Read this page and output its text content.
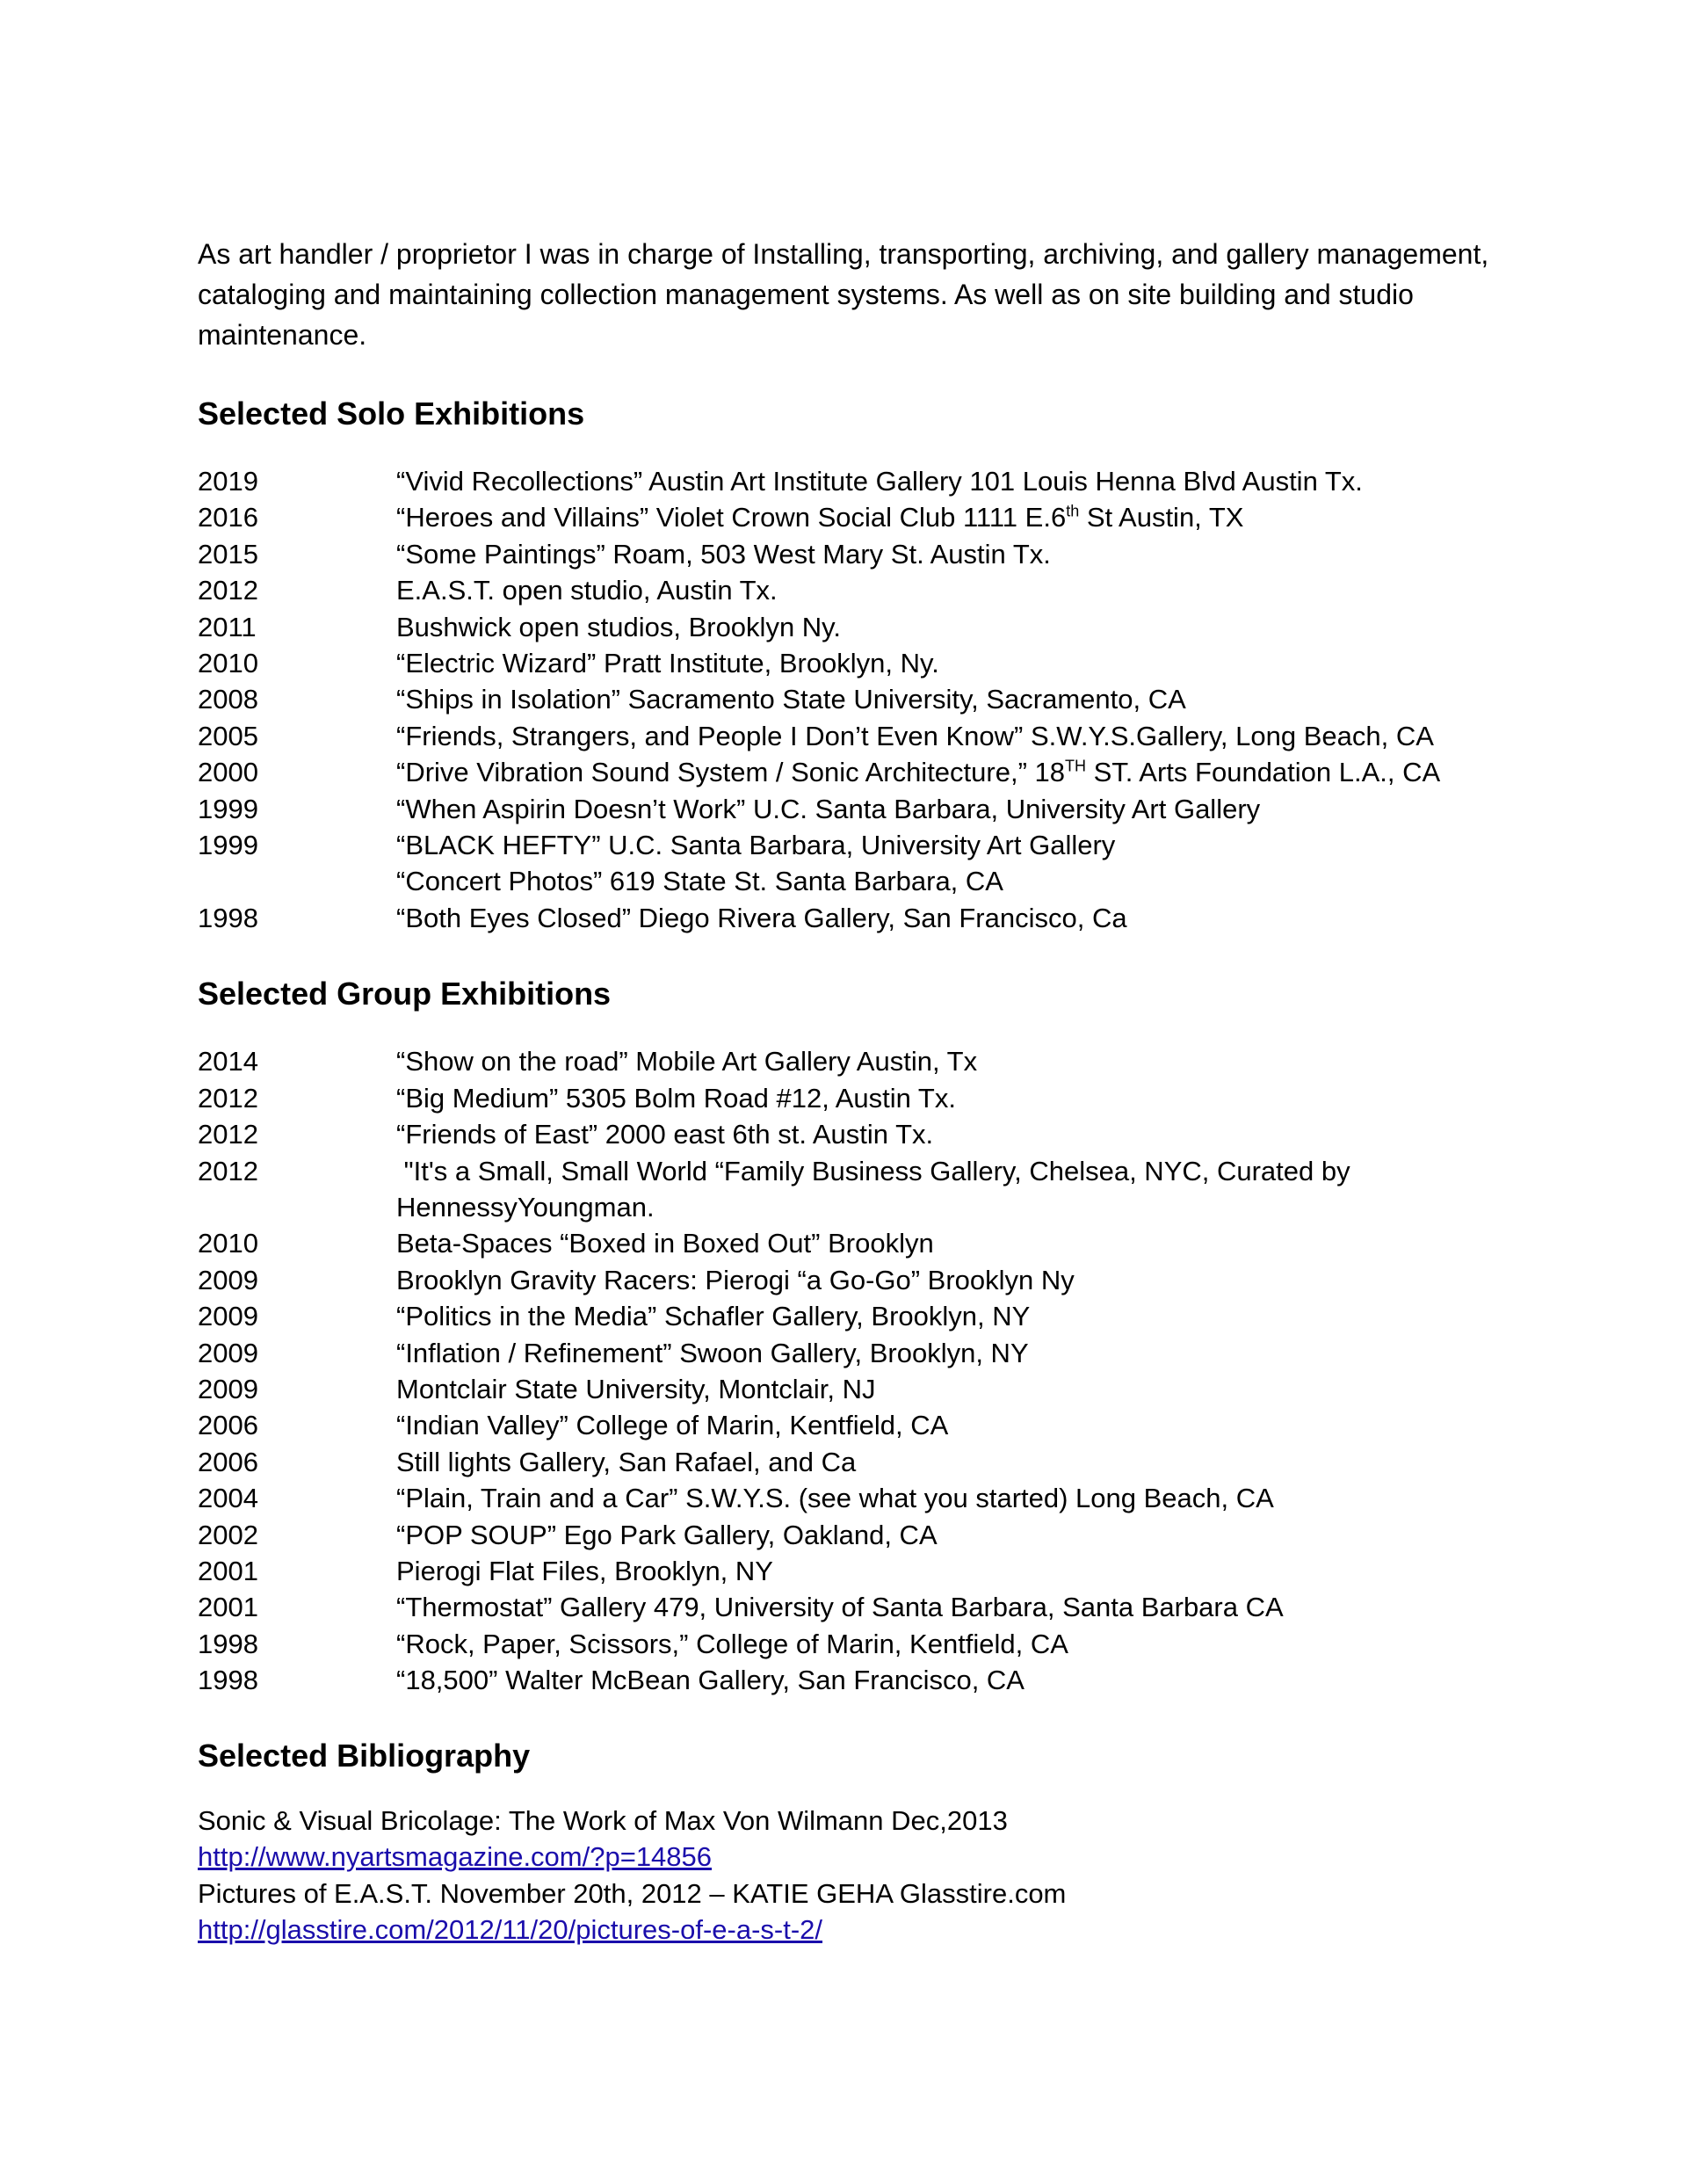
As art handler / proprietor I was in charge of Installing, transporting, archiving, and gallery management, cataloging and maintaining collection management systems. As well as on site building and studio maintenance.

Selected Solo Exhibitions
2019	“Vivid Recollections” Austin Art Institute Gallery 101 Louis Henna Blvd Austin Tx.
2016	“Heroes and Villains” Violet Crown Social Club 1111 E.6th St Austin, TX
2015	“Some Paintings” Roam, 503 West Mary St. Austin Tx.
2012	E.A.S.T. open studio, Austin Tx.
2011	Bushwick open studios, Brooklyn Ny.
2010	“Electric Wizard” Pratt Institute, Brooklyn, Ny.
2008	“Ships in Isolation” Sacramento State University, Sacramento, CA
2005	“Friends, Strangers, and People I Don’t Even Know” S.W.Y.S.Gallery, Long Beach, CA
2000	“Drive Vibration Sound System / Sonic Architecture,” 18TH ST. Arts Foundation L.A., CA
1999	“When Aspirin Doesn’t Work” U.C. Santa Barbara, University Art Gallery
1999	“BLACK HEFTY” U.C. Santa Barbara, University Art Gallery
“Concert Photos” 619 State St. Santa Barbara, CA
1998	“Both Eyes Closed” Diego Rivera Gallery, San Francisco, Ca
Selected Group Exhibitions
2014	“Show on the road” Mobile Art Gallery Austin, Tx
2012	“Big Medium” 5305 Bolm Road #12, Austin Tx.
2012	“Friends of East” 2000 east 6th st. Austin Tx.
2012	"It's a Small, Small World “Family Business Gallery, Chelsea, NYC, Curated by HennessyYoungman.
2010	Beta-Spaces “Boxed in Boxed Out” Brooklyn
2009	Brooklyn Gravity Racers: Pierogi “a Go-Go” Brooklyn Ny
2009	“Politics in the Media” Schafler Gallery, Brooklyn, NY
2009	“Inflation / Refinement” Swoon Gallery, Brooklyn, NY
2009	Montclair State University, Montclair, NJ
2006	“Indian Valley” College of Marin, Kentfield, CA
2006	Still lights Gallery, San Rafael, and Ca
2004	“Plain, Train and a Car” S.W.Y.S. (see what you started) Long Beach, CA
2002	“POP SOUP” Ego Park Gallery, Oakland, CA
2001	Pierogi Flat Files, Brooklyn, NY
2001	“Thermostat” Gallery 479, University of Santa Barbara, Santa Barbara CA
1998	“Rock, Paper, Scissors,” College of Marin, Kentfield, CA
1998	“18,500” Walter McBean Gallery, San Francisco, CA
Selected Bibliography
Sonic & Visual Bricolage: The Work of Max Von Wilmann Dec,2013
http://www.nyartsmagazine.com/?p=14856
Pictures of E.A.S.T. November 20th, 2012 – KATIE GEHA Glasstire.com
http://glasstire.com/2012/11/20/pictures-of-e-a-s-t-2/
